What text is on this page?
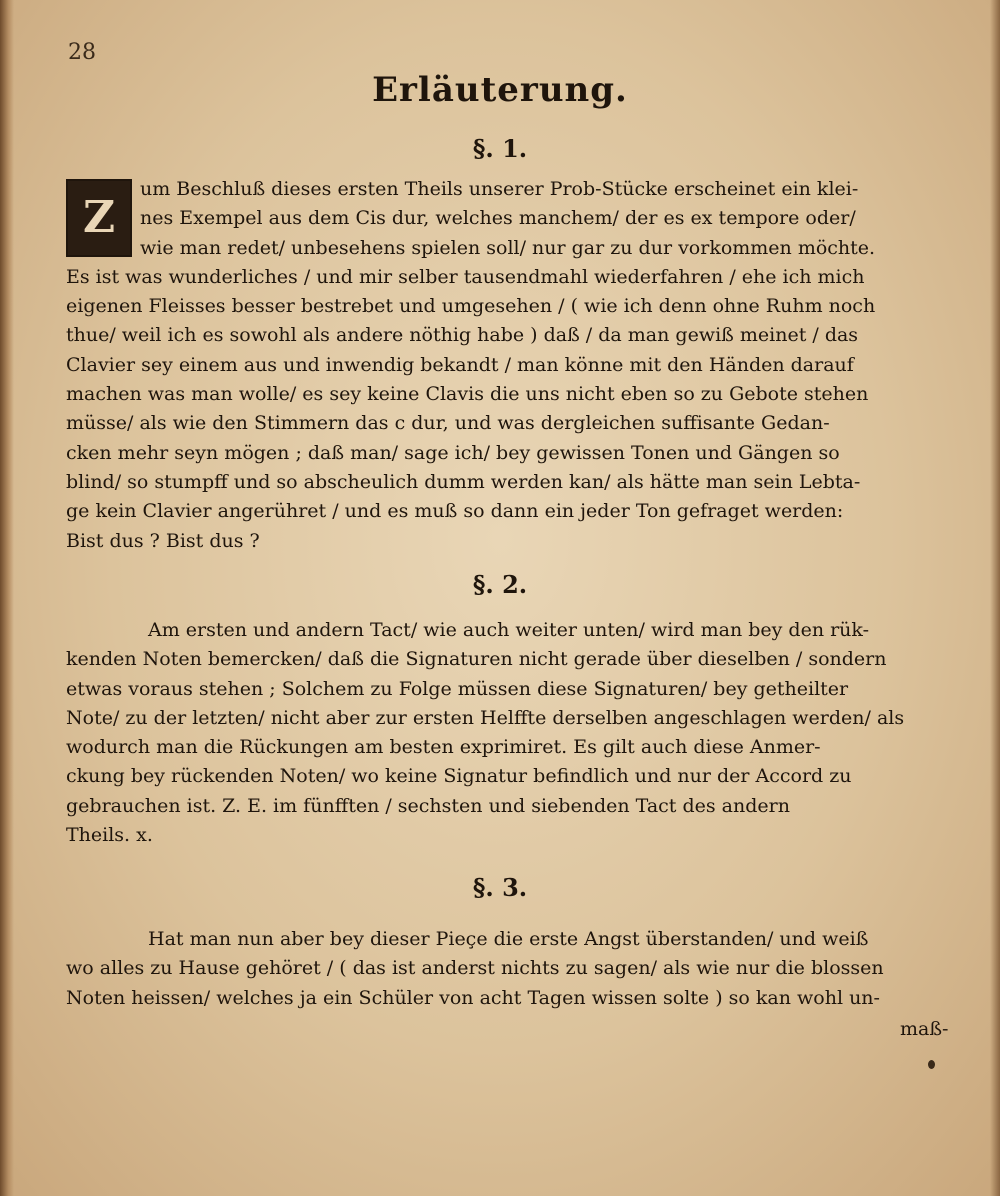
28
Erläuterung.
§. 1.
Z
um Beschluß dieses ersten Theils unserer Prob-Stücke erscheinet ein klei-
nes Exempel aus dem Cis dur, welches manchem/ der es ex tempore oder/
wie man redet/ unbesehens spielen soll/ nur gar zu dur vorkommen möchte.
Es ist was wunderliches / und mir selber tausendmahl wiederfahren / ehe ich mich
eigenen Fleisses besser bestrebet und umgesehen / ( wie ich denn ohne Ruhm noch
thue/ weil ich es sowohl als andere nöthig habe ) daß / da man gewiß meinet / das
Clavier sey einem aus und inwendig bekandt / man könne mit den Händen darauf
machen was man wolle/ es sey keine Clavis die uns nicht eben so zu Gebote stehen
müsse/ als wie den Stimmern das c dur, und was dergleichen suffisante Gedan-
cken mehr seyn mögen ; daß man/ sage ich/ bey gewissen Tonen und Gängen so
blind/ so stumpff und so abscheulich dumm werden kan/ als hätte man sein Lebta-
ge kein Clavier angerühret / und es muß so dann ein jeder Ton gefraget werden:
Bist dus ? Bist dus ?
§. 2.
Am ersten und andern Tact/ wie auch weiter unten/ wird man bey den rük-
kenden Noten bemercken/ daß die Signaturen nicht gerade über dieselben / sondern
etwas voraus stehen ; Solchem zu Folge müssen diese Signaturen/ bey getheilter
Note/ zu der letzten/ nicht aber zur ersten Helffte derselben angeschlagen werden/ als
wodurch man die Rückungen am besten exprimiret. Es gilt auch diese Anmer-
ckung bey rückenden Noten/ wo keine Signatur befindlich und nur der Accord zu
gebrauchen ist. Z. E. im fünfften / sechsten und siebenden Tact des andern
Theils. x.
§. 3.
Hat man nun aber bey dieser Pieçe die erste Angst überstanden/ und weiß
wo alles zu Hause gehöret / ( das ist anderst nichts zu sagen/ als wie nur die blossen
Noten heissen/ welches ja ein Schüler von acht Tagen wissen solte ) so kan wohl un-
maß-
